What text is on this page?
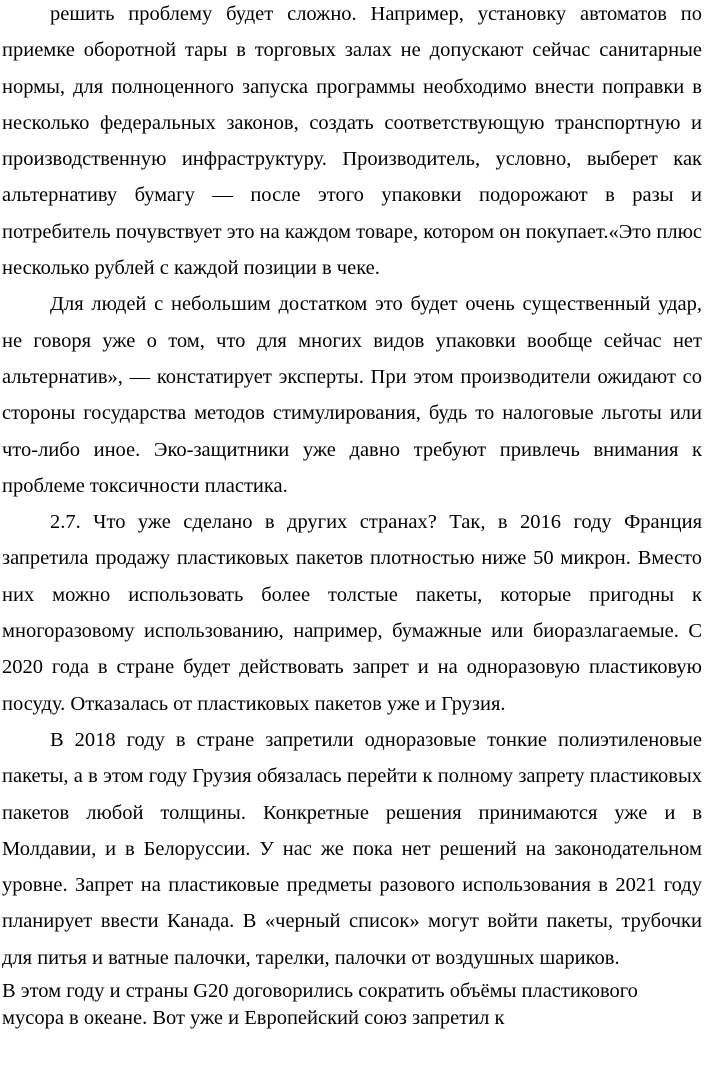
решить проблему будет сложно. Например, установку автоматов по приемке оборотной тары в торговых залах не допускают сейчас санитарные нормы, для полноценного запуска программы необходимо внести поправки в несколько федеральных законов, создать соответствующую транспортную и производственную инфраструктуру. Производитель, условно, выберет как альтернативу бумагу — после этого упаковки подорожают в разы и потребитель почувствует это на каждом товаре, котором он покупает.«Это плюс несколько рублей с каждой позиции в чеке.

Для людей с небольшим достатком это будет очень существенный удар, не говоря уже о том, что для многих видов упаковки вообще сейчас нет альтернатив», — констатирует эксперты. При этом производители ожидают со стороны государства методов стимулирования, будь то налоговые льготы или что-либо иное. Эко-защитники уже давно требуют привлечь внимания к проблеме токсичности пластика.

2.7. Что уже сделано в других странах? Так, в 2016 году Франция запретила продажу пластиковых пакетов плотностью ниже 50 микрон. Вместо них можно использовать более толстые пакеты, которые пригодны к многоразовому использованию, например, бумажные или биоразлагаемые. С 2020 года в стране будет действовать запрет и на одноразовую пластиковую посуду. Отказалась от пластиковых пакетов уже и Грузия.

В 2018 году в стране запретили одноразовые тонкие полиэтиленовые пакеты, а в этом году Грузия обязалась перейти к полному запрету пластиковых пакетов любой толщины. Конкретные решения принимаются уже и в Молдавии, и в Белоруссии. У нас же пока нет решений на законодательном уровне. Запрет на пластиковые предметы разового использования в 2021 году планирует ввести Канада. В «черный список» могут войти пакеты, трубочки для питья и ватные палочки, тарелки, палочки от воздушных шариков.

В этом году и страны G20 договорились сократить объёмы пластикового

мусора в океане. Вот уже и Европейский союз запретил к
